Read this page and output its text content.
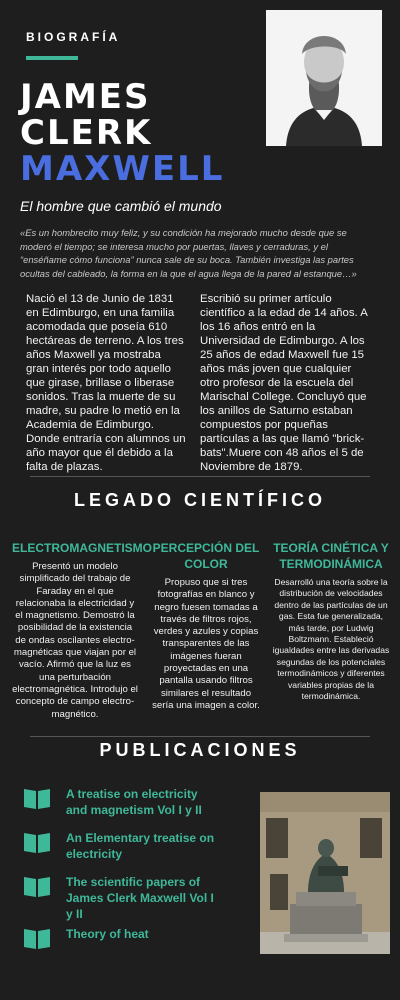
BIOGRAFÍA
JAMES
CLERK
MAXWELL
El hombre que cambió el mundo
«Es un hombrecito muy feliz, y su condición ha mejorado mucho desde que se moderó el tiempo; se interesa mucho por puertas, llaves y cerraduras, y el “enséñame cómo funciona” nunca sale de su boca. También investiga las partes ocultas del cableado, la forma en la que el agua llega de la pared al estanque…»
Nació el 13 de Junio de 1831 en Edimburgo, en una familia acomodada que poseía 610 hectáreas de terreno. A los tres años Maxwell ya mostraba gran interés por todo aquello que girase, brillase o liberase sonidos. Tras la muerte de su madre, su padre lo metió en la Academia de Edimburgo. Donde entraría con alumnos un año mayor que él debido a la falta de plazas.
Escribió su primer artículo científico a la edad de 14 años. A los 16 años entró en la Universidad de Edimburgo. A los 25 años de edad Maxwell fue 15 años más joven que cualquier otro profesor de la escuela del Marischal College. Concluyó que los anillos de Saturno estaban compuestos por pqueñas partículas a las que llamó "brick-bats".Muere con 48 años el 5 de Noviembre de 1879.
LEGADO CIENTÍFICO
ELECTROMAGNETISMO
Presentó un modelo simplificado del trabajo de Faraday en el que relacionaba la electricidad y el magnetismo. Demostró la posibilidad de la existencia de ondas oscilantes electro-magnéticas que viajan por el vacío. Afirmó que la luz es una perturbación electromagnética. Introdujo el concepto de campo electro-magnético.
PERCEPCIÓN DEL COLOR
Propuso que si tres fotografías en blanco y negro fuesen tomadas a través de filtros rojos, verdes y azules y copias transparentes de las imágenes fueran proyectadas en una pantalla usando filtros similares el resultado sería una imagen a color.
TEORÍA CINÉTICA Y TERMODINÁMICA
Desarrolló una teoría sobre la distribución de velocidades dentro de las partículas de un gas. Esta fue generalizada, más tarde, por Ludwig Boltzmann. Estableció igualdades entre las derivadas segundas de los potenciales termodinámicos y diferentes variables propias de la termodinámica.
PUBLICACIONES
A treatise on electricity and magnetism Vol I y II
An Elementary treatise on electricity
The scientific papers of James Clerk Maxwell Vol I y II
Theory of heat
